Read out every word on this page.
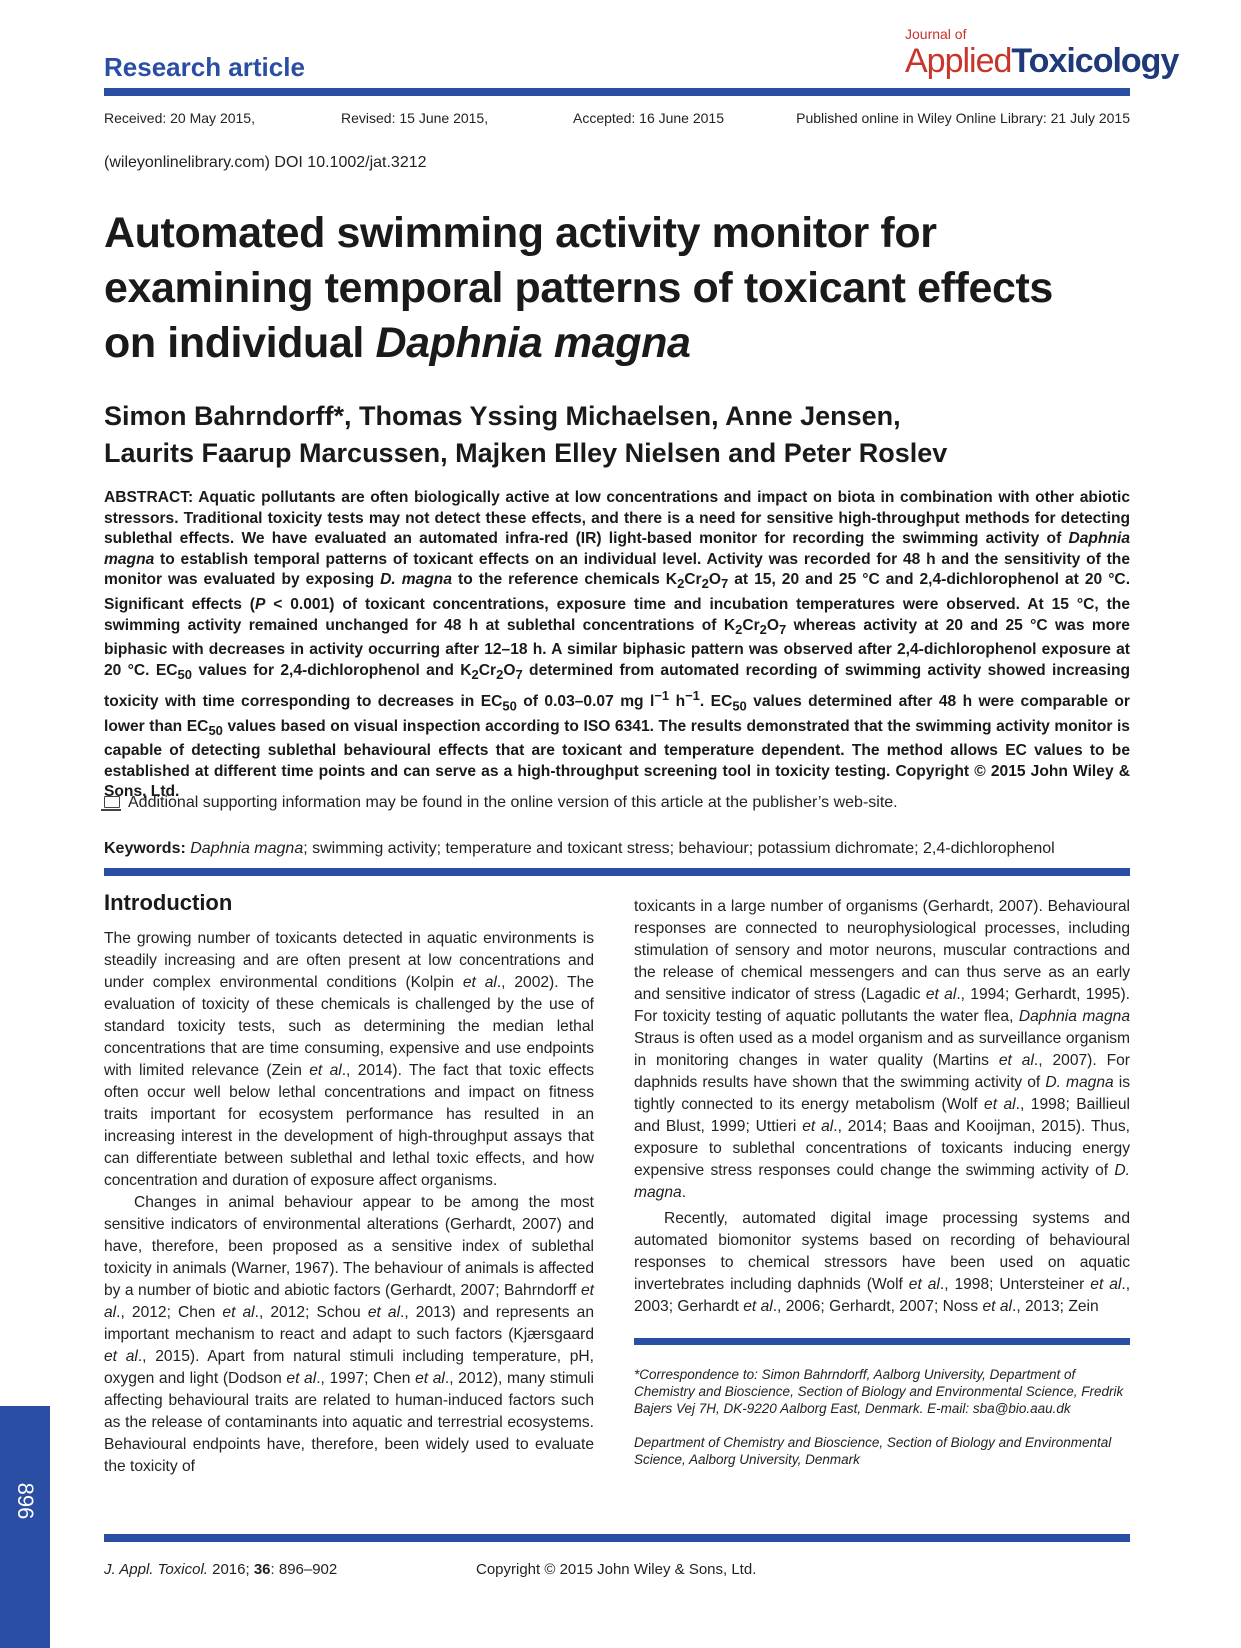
Research article
Journal of
AppliedToxicology
Received: 20 May 2015,	Revised: 15 June 2015,	Accepted: 16 June 2015	Published online in Wiley Online Library: 21 July 2015
(wileyonlinelibrary.com) DOI 10.1002/jat.3212
Automated swimming activity monitor for
examining temporal patterns of toxicant effects
on individual Daphnia magna
Simon Bahrndorff*, Thomas Yssing Michaelsen, Anne Jensen,
Laurits Faarup Marcussen, Majken Elley Nielsen and Peter Roslev
ABSTRACT: Aquatic pollutants are often biologically active at low concentrations and impact on biota in combination with other abiotic stressors. Traditional toxicity tests may not detect these effects, and there is a need for sensitive high-throughput methods for detecting sublethal effects. We have evaluated an automated infra-red (IR) light-based monitor for recording the swimming activity of Daphnia magna to establish temporal patterns of toxicant effects on an individual level. Activity was recorded for 48 h and the sensitivity of the monitor was evaluated by exposing D. magna to the reference chemicals $K_2Cr_2O_7$ at 15, 20 and 25 °C and 2,4-dichlorophenol at 20 °C. Significant effects (P < 0.001) of toxicant concentrations, exposure time and incubation temperatures were observed. At 15 °C, the swimming activity remained unchanged for 48 h at sublethal concentrations of $K_2Cr_2O_7$ whereas activity at 20 and 25 °C was more biphasic with decreases in activity occurring after 12–18 h. A similar biphasic pattern was observed after 2,4-dichlorophenol exposure at 20 °C. $EC_{50}$ values for 2,4-dichlorophenol and $K_2Cr_2O_7$ determined from automated recording of swimming activity showed increasing toxicity with time corresponding to decreases in $EC_{50}$ of 0.03–0.07 mg $l^{-1}$ $h^{-1}$. $EC_{50}$ values determined after 48 h were comparable or lower than $EC_{50}$ values based on visual inspection according to ISO 6341. The results demonstrated that the swimming activity monitor is capable of detecting sublethal behavioural effects that are toxicant and temperature dependent. The method allows EC values to be established at different time points and can serve as a high-throughput screening tool in toxicity testing. Copyright © 2015 John Wiley & Sons, Ltd.
Additional supporting information may be found in the online version of this article at the publisher’s web-site.
Keywords: Daphnia magna; swimming activity; temperature and toxicant stress; behaviour; potassium dichromate; 2,4-dichlorophenol
Introduction

The growing number of toxicants detected in aquatic environments is steadily increasing and are often present at low concentrations and under complex environmental conditions (Kolpin et al., 2002). The evaluation of toxicity of these chemicals is challenged by the use of standard toxicity tests, such as determining the median lethal concentrations that are time consuming, expensive and use endpoints with limited relevance (Zein et al., 2014). The fact that toxic effects often occur well below lethal concentrations and impact on fitness traits important for ecosystem performance has resulted in an increasing interest in the development of high-throughput assays that can differentiate between sublethal and lethal toxic effects, and how concentration and duration of exposure affect organisms.

Changes in animal behaviour appear to be among the most sensitive indicators of environmental alterations (Gerhardt, 2007) and have, therefore, been proposed as a sensitive index of sublethal toxicity in animals (Warner, 1967). The behaviour of animals is affected by a number of biotic and abiotic factors (Gerhardt, 2007; Bahrndorff et al., 2012; Chen et al., 2012; Schou et al., 2013) and represents an important mechanism to react and adapt to such factors (Kjærsgaard et al., 2015). Apart from natural stimuli including temperature, pH, oxygen and light (Dodson et al., 1997; Chen et al., 2012), many stimuli affecting behavioural traits are related to human-induced factors such as the release of contaminants into aquatic and terrestrial ecosystems. Behavioural endpoints have, therefore, been widely used to evaluate the toxicity of

toxicants in a large number of organisms (Gerhardt, 2007). Behavioural responses are connected to neurophysiological processes, including stimulation of sensory and motor neurons, muscular contractions and the release of chemical messengers and can thus serve as an early and sensitive indicator of stress (Lagadic et al., 1994; Gerhardt, 1995). For toxicity testing of aquatic pollutants the water flea, Daphnia magna Straus is often used as a model organism and as surveillance organism in monitoring changes in water quality (Martins et al., 2007). For daphnids results have shown that the swimming activity of D. magna is tightly connected to its energy metabolism (Wolf et al., 1998; Baillieul and Blust, 1999; Uttieri et al., 2014; Baas and Kooijman, 2015). Thus, exposure to sublethal concentrations of toxicants inducing energy expensive stress responses could change the swimming activity of D. magna.

Recently, automated digital image processing systems and automated biomonitor systems based on recording of behavioural responses to chemical stressors have been used on aquatic invertebrates including daphnids (Wolf et al., 1998; Untersteiner et al., 2003; Gerhardt et al., 2006; Gerhardt, 2007; Noss et al., 2013; Zein

*Correspondence to: Simon Bahrndorff, Aalborg University, Department of Chemistry and Bioscience, Section of Biology and Environmental Science, Fredrik Bajers Vej 7H, DK-9220 Aalborg East, Denmark. E-mail: sba@bio.aau.dk
Department of Chemistry and Bioscience, Section of Biology and Environmental Science, Aalborg University, Denmark
896
J. Appl. Toxicol. 2016; 36: 896–902	Copyright © 2015 John Wiley & Sons, Ltd.
